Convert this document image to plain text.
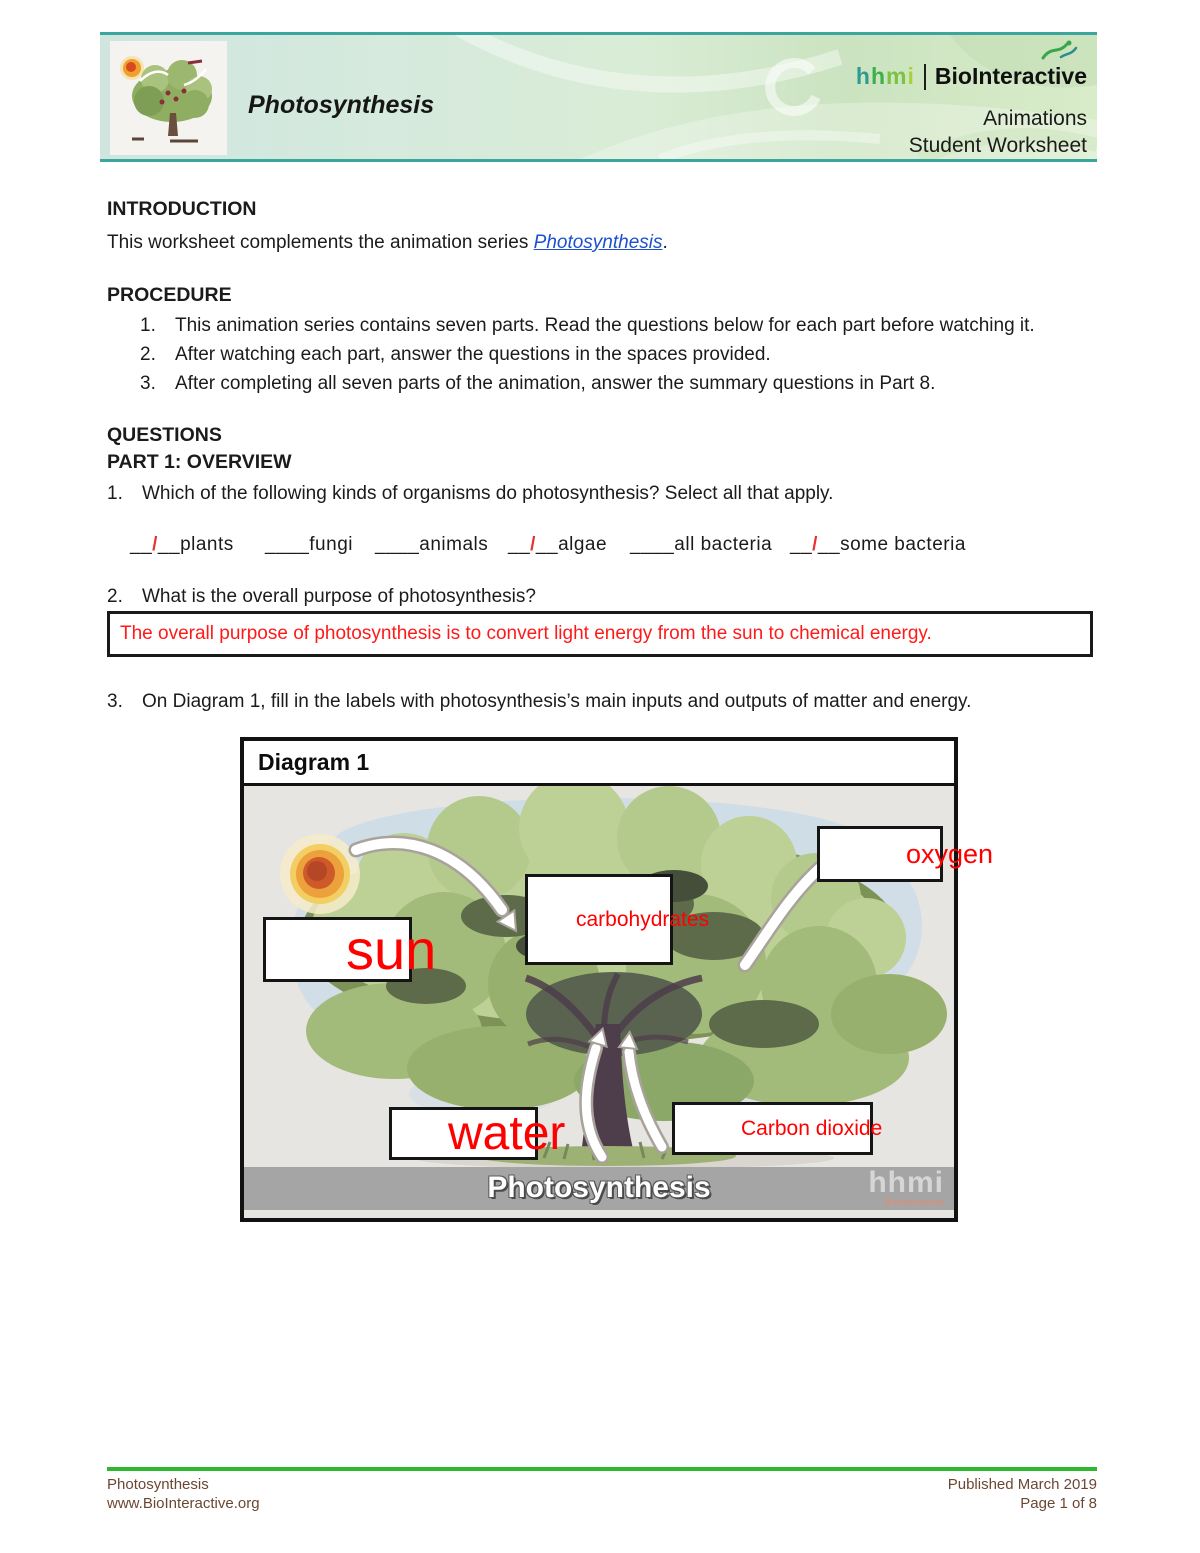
Photosynthesis
hhmi BioInteractive
Animations
Student Worksheet
INTRODUCTION
This worksheet complements the animation series Photosynthesis.
PROCEDURE
1. This animation series contains seven parts. Read the questions below for each part before watching it.
2. After watching each part, answer the questions in the spaces provided.
3. After completing all seven parts of the animation, answer the summary questions in Part 8.
QUESTIONS
PART 1: OVERVIEW
1. Which of the following kinds of organisms do photosynthesis? Select all that apply.
__/__plants ____fungi ____animals __/__algae ____all bacteria __/__some bacteria
2. What is the overall purpose of photosynthesis?
The overall purpose of photosynthesis is to convert light energy from the sun to chemical energy.
3. On Diagram 1, fill in the labels with photosynthesis’s main inputs and outputs of matter and energy.
Diagram 1
sun	carbohydrates
oxygen
water	Carbon dioxide
Photosynthesis	hhmi
BioInteractive
Photosynthesis
www.BioInteractive.org
Published March 2019
Page 1 of 8
